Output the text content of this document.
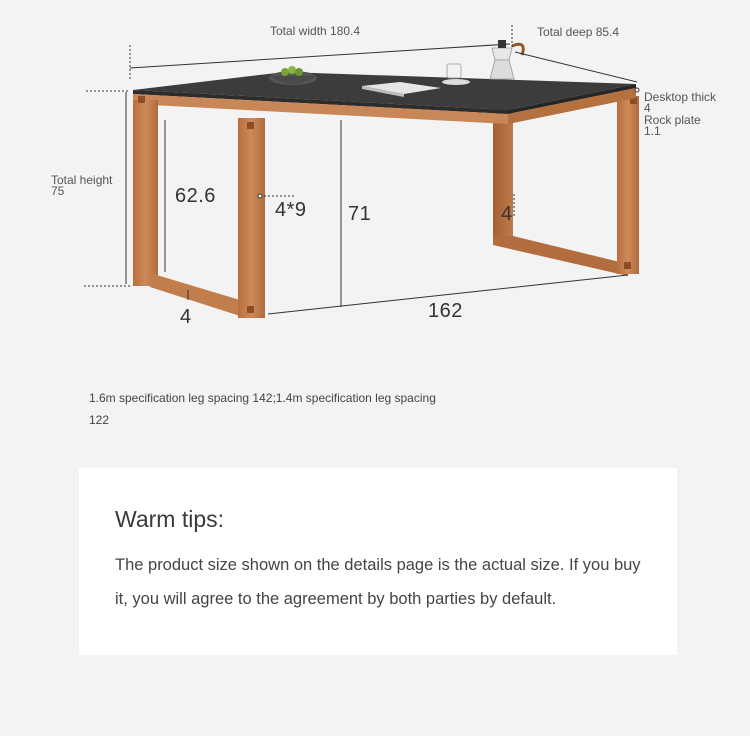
Total width 180.4	Total deep 85.4
Desktop thick
4
Rock plate
1.1
Total height
75	62.6
4*9 71	4
4	162
1.6m specification leg spacing 142;1.4m specification leg spacing 122
Warm tips:
The product size shown on the details page is the actual size. If you buy it, you will agree to the agreement by both parties by default.
